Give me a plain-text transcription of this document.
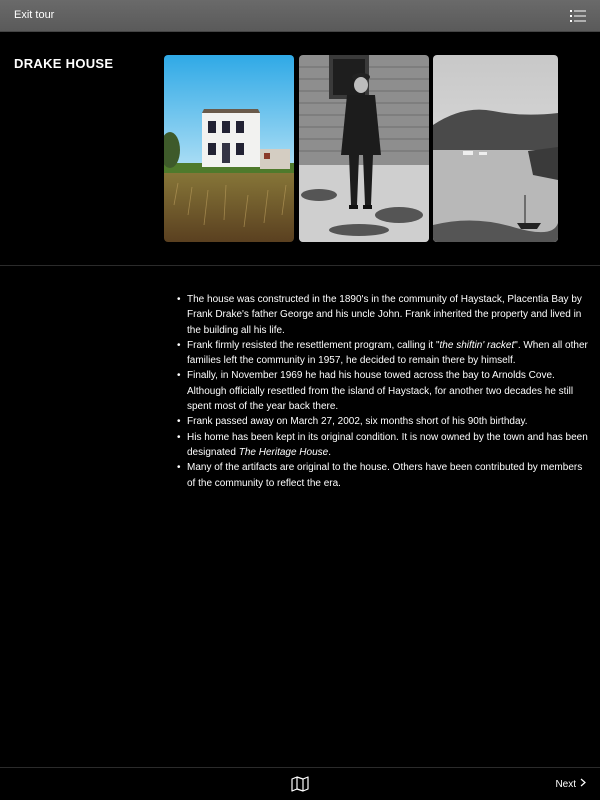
Exit tour
DRAKE HOUSE
• The house was constructed in the 1890's in the community of Haystack, Placentia Bay by Frank Drake's father George and his uncle John. Frank inherited the property and lived in the building all his life.
• Frank firmly resisted the resettlement program, calling it "the shiftin' racket". When all other families left the community in 1957, he decided to remain there by himself.
• Finally, in November 1969 he had his house towed across the bay to Arnolds Cove. Although officially resettled from the island of Haystack, for another two decades he still spent most of the year back there.
• Frank passed away on March 27, 2002, six months short of his 90th birthday.
• His home has been kept in its original condition. It is now owned by the town and has been designated The Heritage House.
• Many of the artifacts are original to the house. Others have been contributed by members of the community to reflect the era.
Next
